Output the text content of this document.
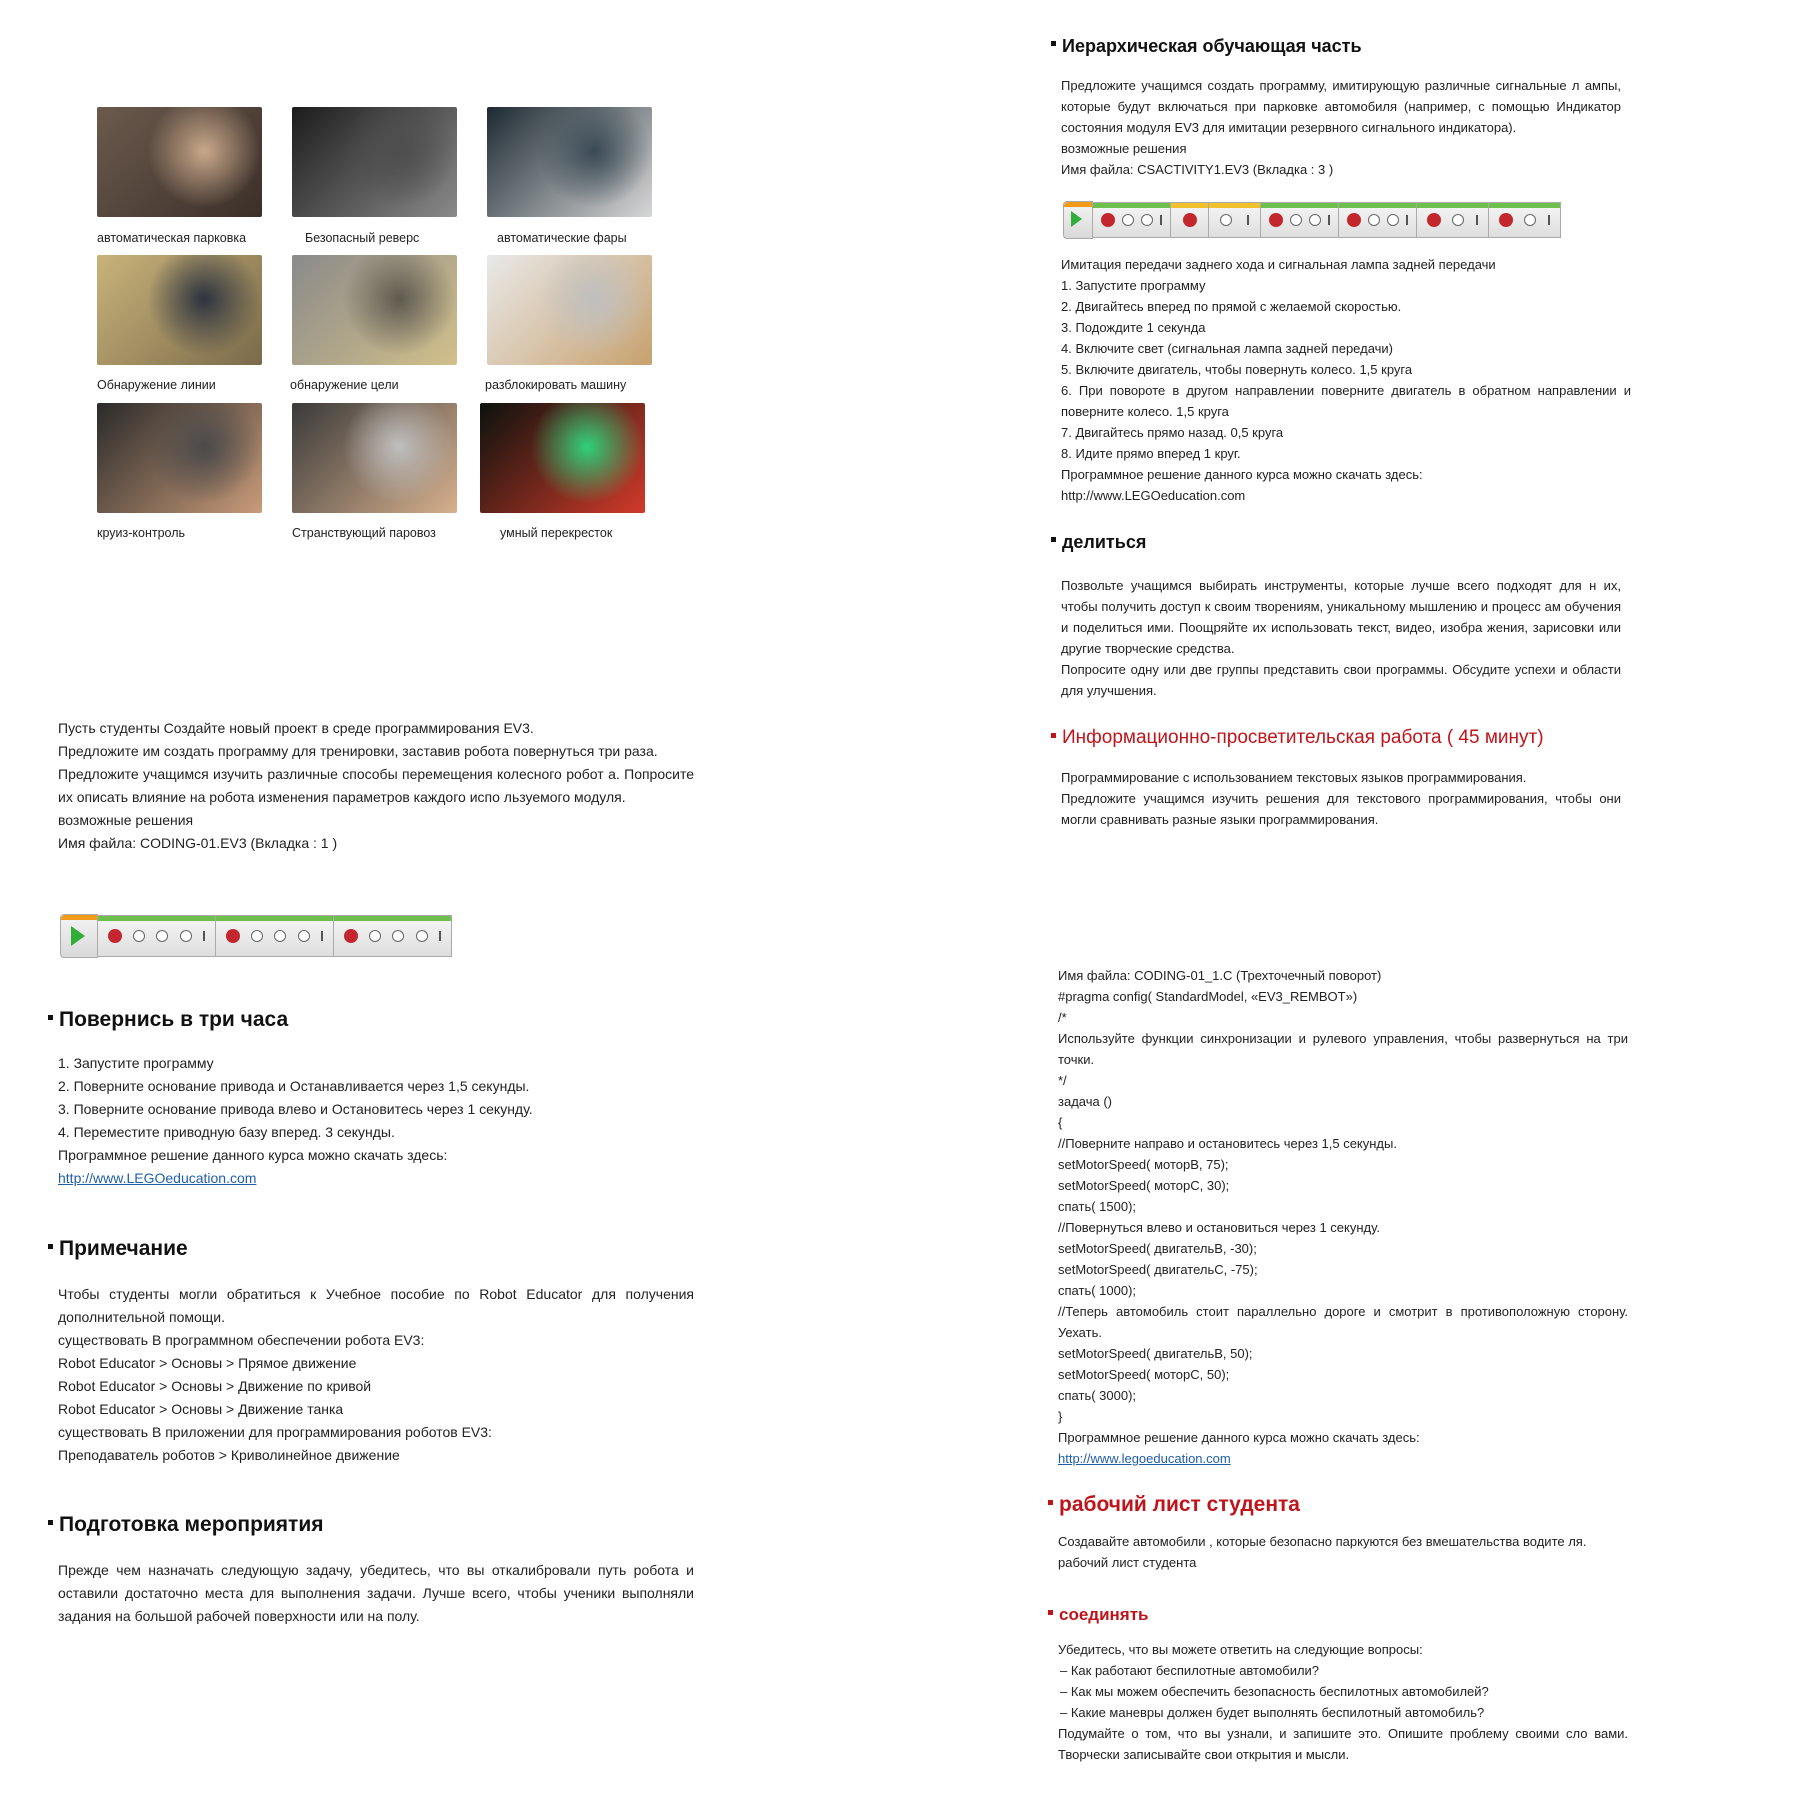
автоматическая парковка	Безопасный реверс	автоматические фары
Обнаружение линии	обнаружение цели	разблокировать машину
круиз-контроль	Странствующий паровоз	умный перекресток

Пусть студенты Создайте новый проект в среде программирования EV3.

Предложите им создать программу для тренировки, заставив робота повернуться три раза.

Предложите учащимся изучить различные способы перемещения колесного робот а. Попросите их описать влияние на робота изменения параметров каждого испо льзуемого модуля.

возможные решения

Имя файла: CODING-01.EV3 (Вкладка : 1 )

Повернись в три часа

1. Запустите программу

2. Поверните основание привода и Останавливается через 1,5 секунды.

3. Поверните основание привода влево и Остановитесь через 1 секунду.

4. Переместите приводную базу вперед. 3 секунды.

Программное решение данного курса можно скачать здесь:

http://www.LEGOeducation.com

Примечание

Чтобы студенты могли обратиться к Учебное пособие по Robot Educator для получения дополнительной помощи.

существовать В программном обеспечении робота EV3:

Robot Educator > Основы > Прямое движение

Robot Educator > Основы > Движение по кривой

Robot Educator > Основы > Движение танка

существовать В приложении для программирования роботов EV3:

Преподаватель роботов > Криволинейное движение

Подготовка мероприятия

Прежде чем назначать следующую задачу, убедитесь, что вы откалибровали путь робота и оставили достаточно места для выполнения задачи. Лучше всего, чтобы ученики выполняли задания на большой рабочей поверхности или на полу.

Иерархическая обучающая часть

Предложите учащимся создать программу, имитирующую различные сигнальные л ампы, которые будут включаться при парковке автомобиля (например, с помощью Индикатор состояния модуля EV3 для имитации резервного сигнального индикатора).

возможные решения

Имя файла: CSACTIVITY1.EV3 (Вкладка : 3 )

Имитация передачи заднего хода и сигнальная лампа задней передачи

1. Запустите программу

2. Двигайтесь вперед по прямой с желаемой скоростью.

3. Подождите 1 секунда

4. Включите свет (сигнальная лампа задней передачи)

5. Включите двигатель, чтобы повернуть колесо. 1,5 круга

6. При повороте в другом направлении поверните двигатель в обратном направлении и поверните колесо. 1,5 круга

7. Двигайтесь прямо назад. 0,5 круга

8. Идите прямо вперед 1 круг.

Программное решение данного курса можно скачать здесь:

http://www.LEGOeducation.com

делиться

Позвольте учащимся выбирать инструменты, которые лучше всего подходят для н их, чтобы получить доступ к своим творениям, уникальному мышлению и процесс ам обучения и поделиться ими. Поощряйте их использовать текст, видео, изобра жения, зарисовки или другие творческие средства.

Попросите одну или две группы представить свои программы. Обсудите успехи и области для улучшения.

Информационно-просветительская работа ( 45 минут)

Программирование с использованием текстовых языков программирования.

Предложите учащимся изучить решения для текстового программирования, чтобы они могли сравнивать разные языки программирования.

Имя файла: CODING-01_1.C (Трехточечный поворот)

#pragma config( StandardModel, «EV3_REMBOT»)

/*

Используйте функции синхронизации и рулевого управления, чтобы развернуться на три точки.

*/

задача ()

{

//Поверните направо и остановитесь через 1,5 секунды.

setMotorSpeed( моторB, 75);

setMotorSpeed( моторC, 30);

спать( 1500);

//Повернуться влево и остановиться через 1 секунду.

setMotorSpeed( двигательB, -30);

setMotorSpeed( двигательC, -75);

спать( 1000);

//Теперь автомобиль стоит параллельно дороге и смотрит в противоположную сторону. Уехать.

setMotorSpeed( двигательB, 50);

setMotorSpeed( моторC, 50);

спать( 3000);

}

Программное решение данного курса можно скачать здесь:

http://www.legoeducation.com

рабочий лист студента

Создавайте автомобили , которые безопасно паркуются без вмешательства водите ля.

рабочий лист студента

соединять

Убедитесь, что вы можете ответить на следующие вопросы:

– Как работают беспилотные автомобили?

– Как мы можем обеспечить безопасность беспилотных автомобилей?

– Какие маневры должен будет выполнять беспилотный автомобиль?

Подумайте о том, что вы узнали, и запишите это. Опишите проблему своими сло вами. Творчески записывайте свои открытия и мысли.
